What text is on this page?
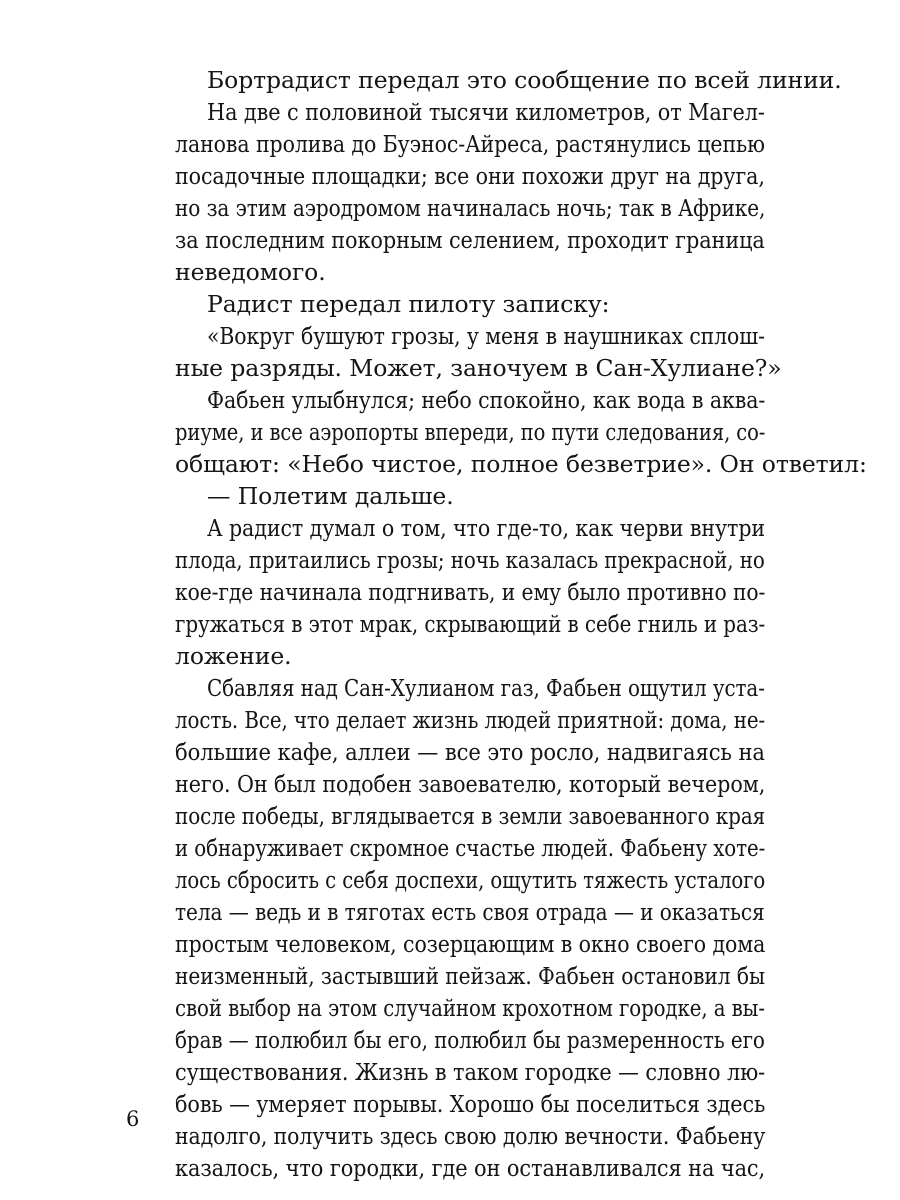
Бортрадист передал это сообщение по всей линии.
На две с половиной тысячи километров, от Магел-
ланова пролива до Буэнос-Айреса, растянулись цепью
посадочные площадки; все они похожи друг на друга,
но за этим аэродромом начиналась ночь; так в Африке,
за последним покорным селением, проходит граница
неведомого.
Радист передал пилоту записку:
«Вокруг бушуют грозы, у меня в наушниках сплош-
ные разряды. Может, заночуем в Сан-Хулиане?»
Фабьен улыбнулся; небо спокойно, как вода в аква-
риуме, и все аэропорты впереди, по пути следования, со-
общают: «Небо чистое, полное безветрие». Он ответил:
— Полетим дальше.
А радист думал о том, что где-то, как черви внутри
плода, притаились грозы; ночь казалась прекрасной, но
кое-где начинала подгнивать, и ему было противно по-
гружаться в этот мрак, скрывающий в себе гниль и раз-
ложение.
Сбавляя над Сан-Хулианом газ, Фабьен ощутил уста-
лость. Все, что делает жизнь людей приятной: дома, не-
большие кафе, аллеи — все это росло, надвигаясь на
него. Он был подобен завоевателю, который вечером,
после победы, вглядывается в земли завоеванного края
и обнаруживает скромное счастье людей. Фабьену хоте-
лось сбросить с себя доспехи, ощутить тяжесть усталого
тела — ведь и в тяготах есть своя отрада — и оказаться
простым человеком, созерцающим в окно своего дома
неизменный, застывший пейзаж. Фабьен остановил бы
свой выбор на этом случайном крохотном городке, а вы-
брав — полюбил бы его, полюбил бы размеренность его
существования. Жизнь в таком городке — словно лю-
бовь — умеряет порывы. Хорошо бы поселиться здесь
надолго, получить здесь свою долю вечности. Фабьену
казалось, что городки, где он останавливался на час,
6
